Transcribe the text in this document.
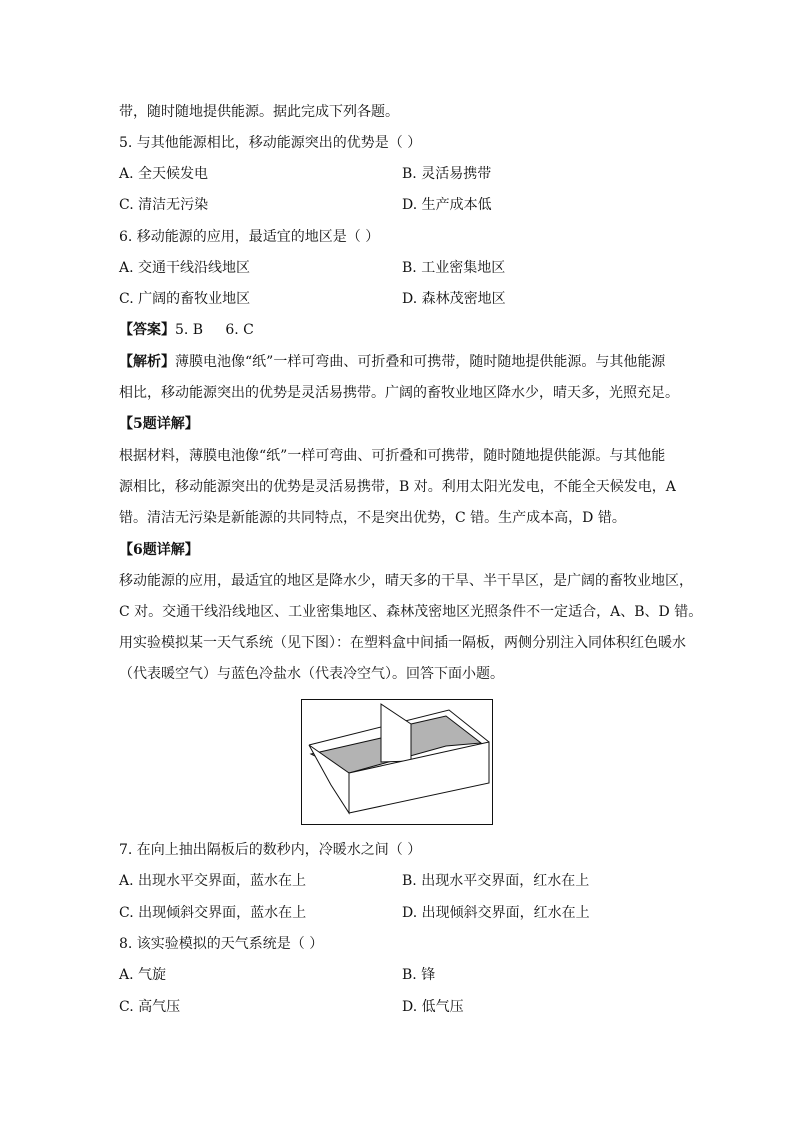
带，随时随地提供能源。据此完成下列各题。
5. 与其他能源相比，移动能源突出的优势是（ ）
A. 全天候发电	B. 灵活易携带
C. 清洁无污染	D. 生产成本低
6. 移动能源的应用，最适宜的地区是（ ）
A. 交通干线沿线地区	B. 工业密集地区
C. 广阔的畜牧业地区	D. 森林茂密地区
【答案】5. B     6. C
【解析】薄膜电池像“纸”一样可弯曲、可折叠和可携带，随时随地提供能源。与其他能源
相比，移动能源突出的优势是灵活易携带。广阔的畜牧业地区降水少，晴天多，光照充足。
【5题详解】
根据材料，薄膜电池像“纸”一样可弯曲、可折叠和可携带，随时随地提供能源。与其他能
源相比，移动能源突出的优势是灵活易携带，B 对。利用太阳光发电，不能全天候发电，A
错。清洁无污染是新能源的共同特点，不是突出优势，C 错。生产成本高，D 错。
【6题详解】
移动能源的应用，最适宜的地区是降水少，晴天多的干旱、半干旱区，是广阔的畜牧业地区，
C 对。交通干线沿线地区、工业密集地区、森林茂密地区光照条件不一定适合，A、B、D 错。
用实验模拟某一天气系统（见下图）：在塑料盒中间插一隔板，两侧分别注入同体积红色暖水
（代表暖空气）与蓝色冷盐水（代表冷空气）。回答下面小题。
7. 在向上抽出隔板后的数秒内，冷暖水之间（ ）
A. 出现水平交界面，蓝水在上	B. 出现水平交界面，红水在上
C. 出现倾斜交界面，蓝水在上	D. 出现倾斜交界面，红水在上
8. 该实验模拟的天气系统是（ ）
A. 气旋	B. 锋
C. 高气压	D. 低气压
